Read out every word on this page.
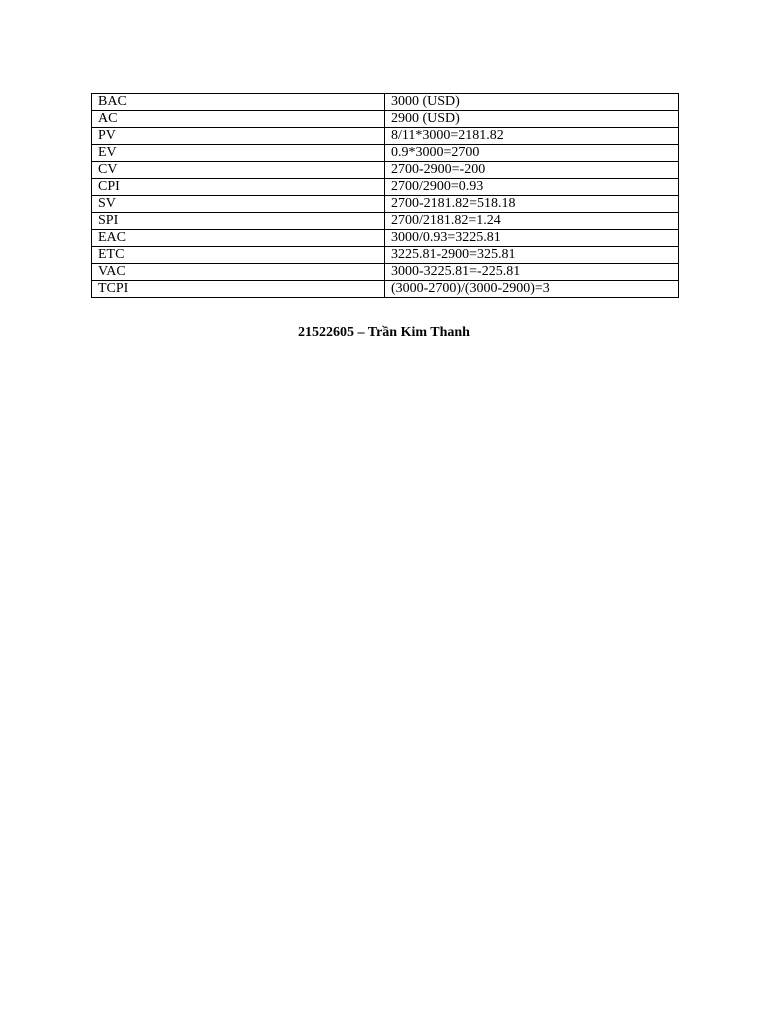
BAC	3000 (USD)
AC	2900 (USD)
PV	8/11*3000=2181.82
EV	0.9*3000=2700
CV	2700-2900=-200
CPI	2700/2900=0.93
SV	2700-2181.82=518.18
SPI	2700/2181.82=1.24
EAC	3000/0.93=3225.81
ETC	3225.81-2900=325.81
VAC	3000-3225.81=-225.81
TCPI	(3000-2700)/(3000-2900)=3
21522605 – Trần Kim Thanh
